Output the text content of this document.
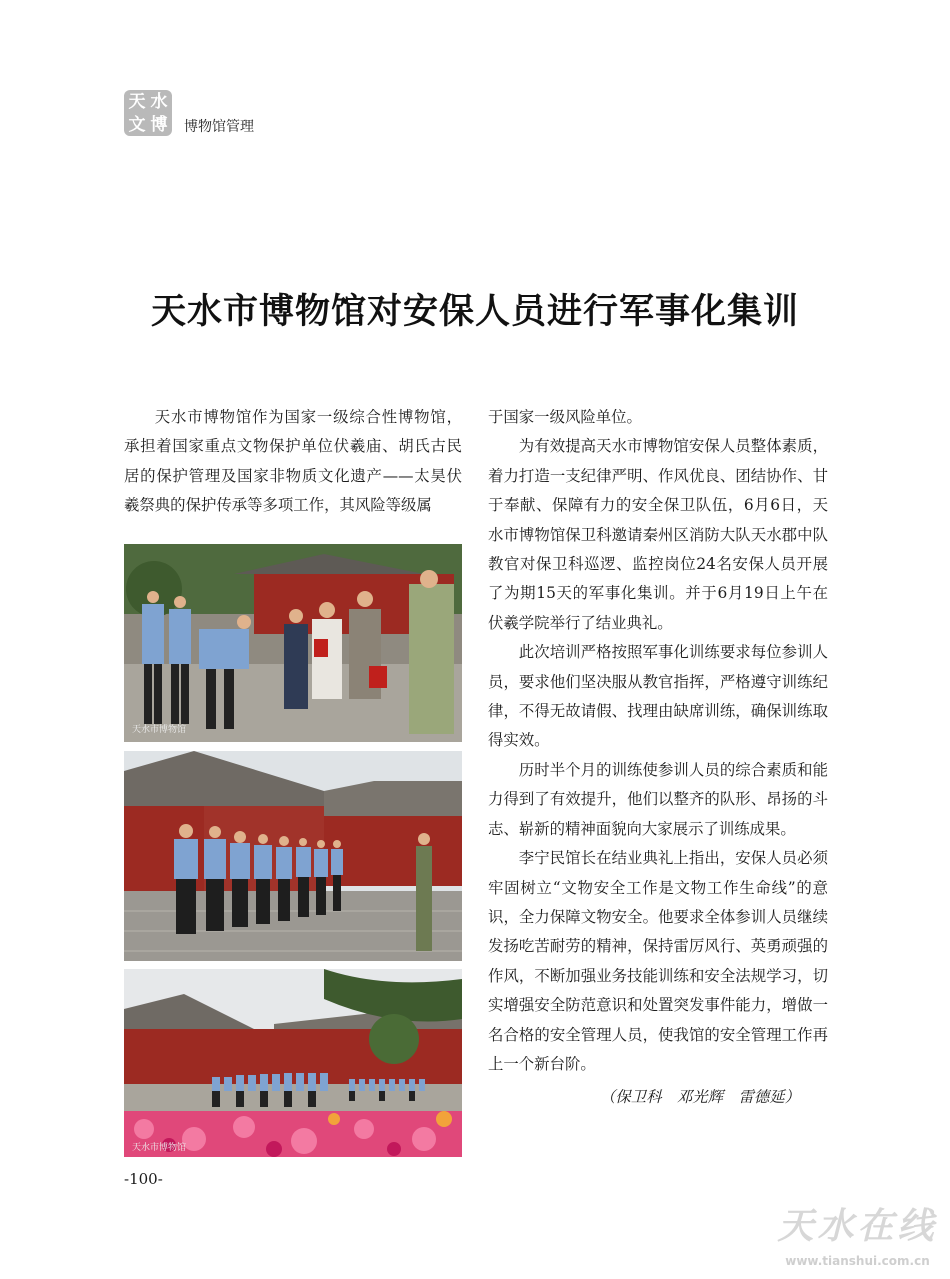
天 水
文 博 博物馆管理
天水市博物馆对安保人员进行军事化集训

天水市博物馆作为国家一级综合性博物馆，承担着国家重点文物保护单位伏羲庙、胡氏古民居的保护管理及国家非物质文化遗产——太昊伏羲祭典的保护传承等多项工作，其风险等级属

天水市博物馆
天水市博物馆

于国家一级风险单位。

为有效提高天水市博物馆安保人员整体素质，着力打造一支纪律严明、作风优良、团结协作、甘于奉献、保障有力的安全保卫队伍，6月6日，天水市博物馆保卫科邀请秦州区消防大队天水郡中队教官对保卫科巡逻、监控岗位24名安保人员开展了为期15天的军事化集训。并于6月19日上午在伏羲学院举行了结业典礼。

此次培训严格按照军事化训练要求每位参训人员，要求他们坚决服从教官指挥，严格遵守训练纪律，不得无故请假、找理由缺席训练，确保训练取得实效。

历时半个月的训练使参训人员的综合素质和能力得到了有效提升，他们以整齐的队形、昂扬的斗志、崭新的精神面貌向大家展示了训练成果。

李宁民馆长在结业典礼上指出，安保人员必须牢固树立“文物安全工作是文物工作生命线”的意识，全力保障文物安全。他要求全体参训人员继续发扬吃苦耐劳的精神，保持雷厉风行、英勇顽强的作风，不断加强业务技能训练和安全法规学习，切实增强安全防范意识和处置突发事件能力，增做一名合格的安全管理人员，使我馆的安全管理工作再上一个新台阶。

（保卫科　邓光辉　雷德延）
-100-
天水在线
www.tianshui.com.cn
